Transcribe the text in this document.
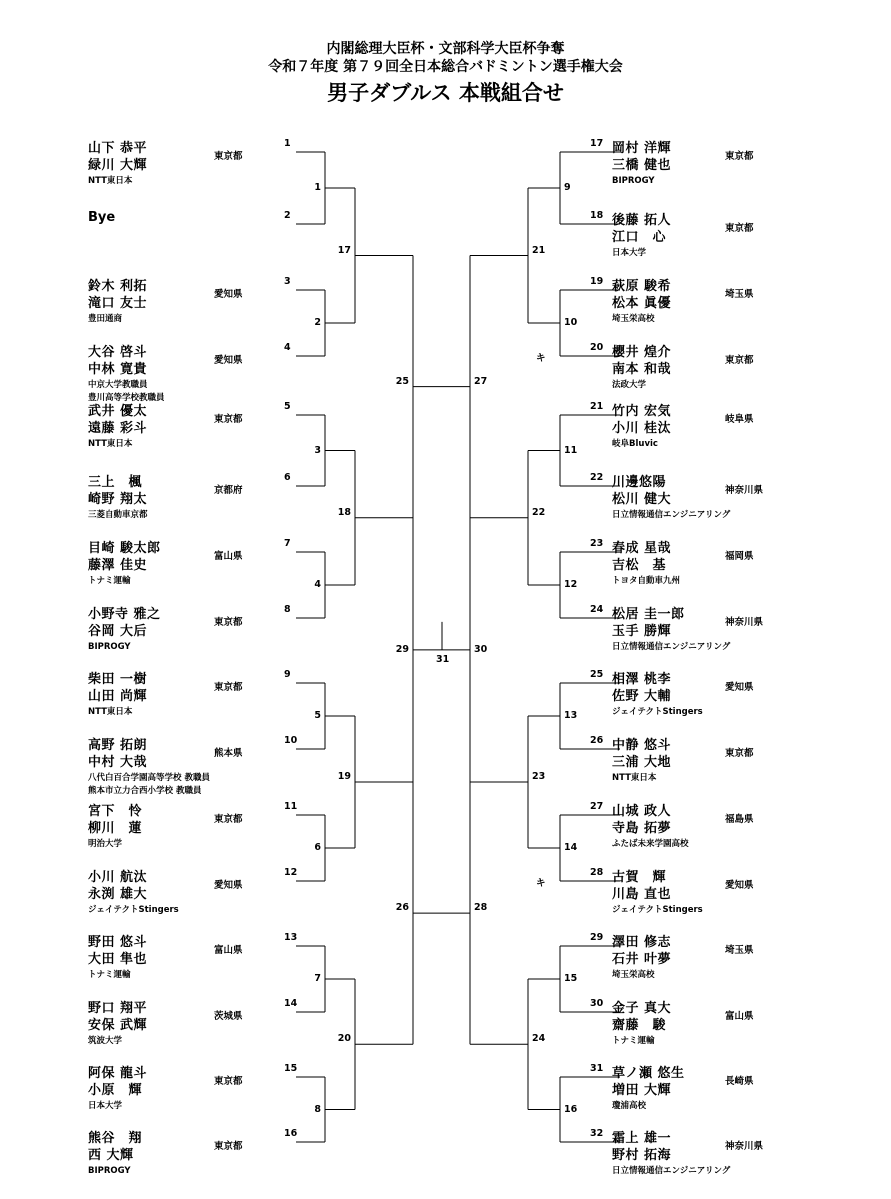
内閣総理大臣杯・文部科学大臣杯争奪
令和７年度 第７９回全日本総合バドミントン選手権大会
男子ダブルス 本戦組合せ
山下 恭平
緑川 大輝
NTT東日本
東京都
Bye
鈴木 利拓
滝口 友士
豊田通商
愛知県
大谷 啓斗
中林 寛貴
中京大学教職員
豊川高等学校教職員
愛知県
武井 優太
遠藤 彩斗
NTT東日本
東京都
三上　楓
崎野 翔太
三菱自動車京都
京都府
目崎 駿太郎
藤澤 佳史
トナミ運輸
富山県
小野寺 雅之
谷岡 大后
BIPROGY
東京都
柴田 一樹
山田 尚輝
NTT東日本
東京都
高野 拓朗
中村 大哉
八代白百合学園高等学校 教職員
熊本市立力合西小学校 教職員
熊本県
宮下　怜
柳川　蓮
明治大学
東京都
小川 航汰
永渕 雄大
ジェイテクトStingers
愛知県
野田 悠斗
大田 隼也
トナミ運輸
富山県
野口 翔平
安保 武輝
筑波大学
茨城県
阿保 龍斗
小原　輝
日本大学
東京都
熊谷　翔
西 大輝
BIPROGY
東京都
岡村 洋輝
三橋 健也
BIPROGY
東京都
後藤 拓人
江口　心
日本大学
東京都
萩原 駿希
松本 眞優
埼玉栄高校
埼玉県
櫻井 煌介
南本 和哉
法政大学
東京都
キ
竹内 宏気
小川 桂汰
岐阜Bluvic
岐阜県
川邊悠陽
松川 健大
日立情報通信エンジニアリング
神奈川県
春成 星哉
吉松　基
トヨタ自動車九州
福岡県
松居 圭一郎
玉手 勝輝
日立情報通信エンジニアリング
神奈川県
相澤 桃李
佐野 大輔
ジェイテクトStingers
愛知県
中静 悠斗
三浦 大地
NTT東日本
東京都
山城 政人
寺島 拓夢
ふたば未来学園高校
福島県
古賀　輝
川島 直也
ジェイテクトStingers
愛知県
キ
澤田 修志
石井 叶夢
埼玉栄高校
埼玉県
金子 真大
齋藤　駿
トナミ運輸
富山県
草ノ瀬 悠生
増田 大輝
瓊浦高校
長崎県
霜上 雄一
野村 拓海
日立情報通信エンジニアリング
神奈川県
1
2
3
4
5
6
7
8
9
10
11
12
13
14
15
16
1
2
3
4
5
6
7
8
17
18
19
20
25
26
29
17
18
19
20
21
22
23
24
25
26
27
28
29
30
31
32
9
10
11
12
13
14
15
16
21
22
23
24
27
28
30
31
